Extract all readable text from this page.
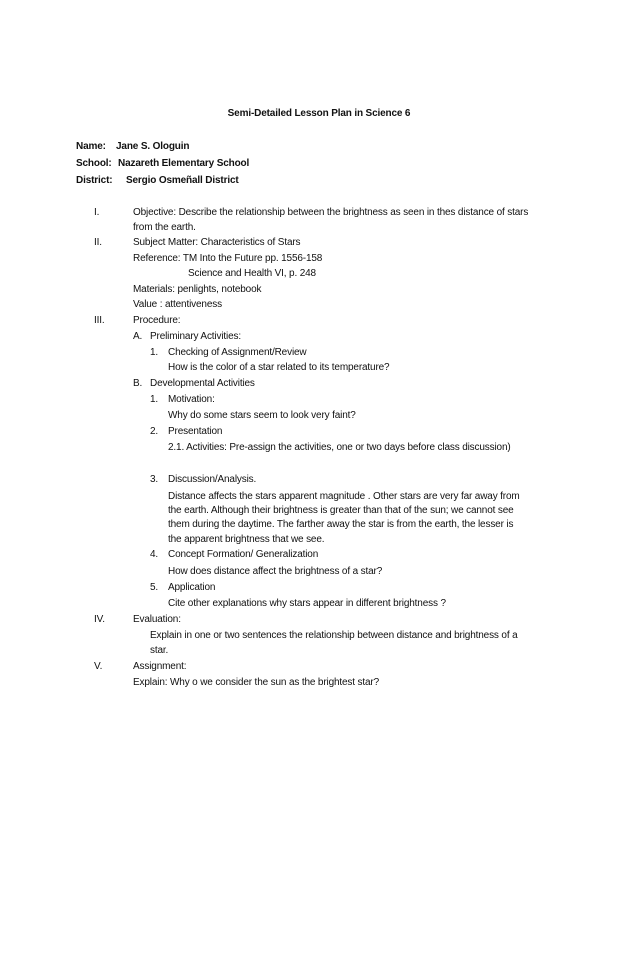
Semi-Detailed Lesson Plan in Science 6
Name: Jane S. Ologuin
School: Nazareth Elementary School
District: Sergio Osmeñall District
I.	Objective: Describe the relationship between the brightness as seen in thes distance of stars
from the earth.
II.	Subject Matter: Characteristics of Stars
Reference: TM Into the Future pp. 1556-158
Science and Health VI, p. 248
Materials: penlights, notebook
Value : attentiveness
III.	Procedure:
A. Preliminary Activities:
1. Checking of Assignment/Review
How is the color of a star related to its temperature?
B. Developmental Activities
1. Motivation:
Why do some stars seem to look very faint?
2. Presentation
2.1. Activities: Pre-assign the activities, one or two days before class discussion)
3. Discussion/Analysis.
Distance affects the stars apparent magnitude . Other stars are very far away from
the earth. Although their brightness is greater than that of the sun; we cannot see
them during the daytime. The farther away the star is from the earth, the lesser is
the apparent brightness that we see.
4. Concept Formation/ Generalization
How does distance affect the brightness of a star?
5. Application
Cite other explanations why stars appear in different brightness ?
IV.	Evaluation:
Explain in one or two sentences the relationship between distance and brightness of a
star.
V.	Assignment:
Explain: Why o we consider the sun as the brightest star?
